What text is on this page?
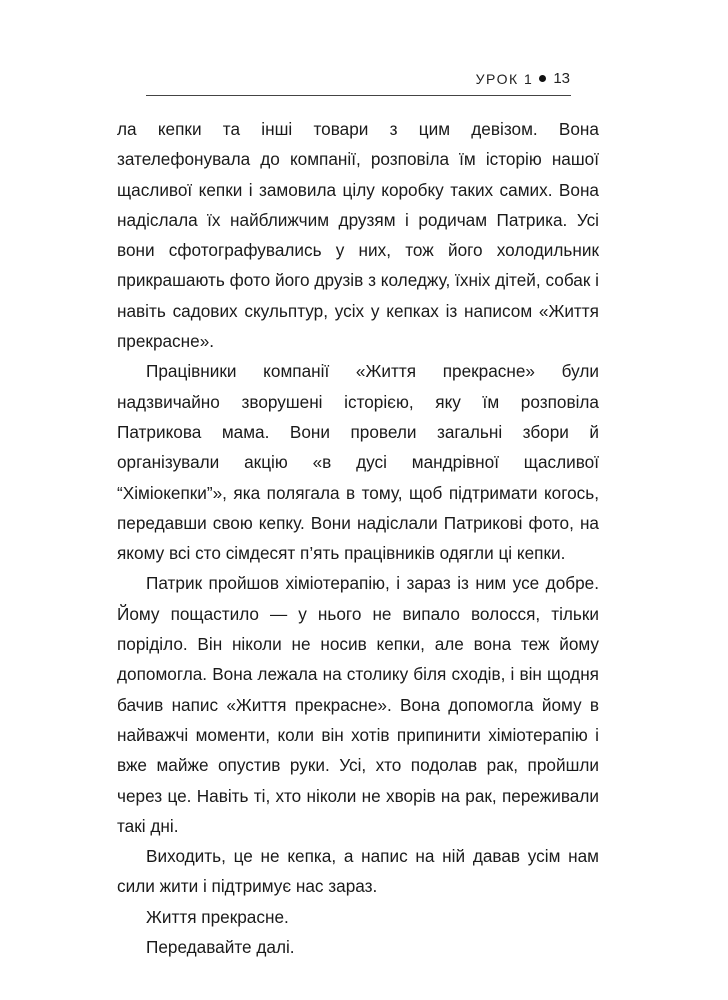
УРОК 1 13

ла кепки та інші товари з цим девізом. Вона зателефонувала до компанії, розповіла їм історію нашої щасливої кепки і замовила цілу коробку таких самих. Вона надіслала їх найближчим друзям і родичам Патрика. Усі вони сфотографувались у них, тож його холодильник прикрашають фото його друзів з коледжу, їхніх дітей, собак і навіть садових скульптур, усіх у кепках із написом «Життя прекрасне».

Працівники компанії «Життя прекрасне» були надзвичайно зворушені історією, яку їм розповіла Патрикова мама. Вони провели загальні збори й організували акцію «в дусі мандрівної щасливої “Хіміокепки”», яка полягала в тому, щоб підтримати когось, передавши свою кепку. Вони надіслали Патрикові фото, на якому всі сто сімдесят п’ять працівників одягли ці кепки.

Патрик пройшов хіміотерапію, і зараз із ним усе добре. Йому пощастило — у нього не випало волосся, тільки поріділо. Він ніколи не носив кепки, але вона теж йому допомогла. Вона лежала на столику біля сходів, і він щодня бачив напис «Життя прекрасне». Вона допомогла йому в найважчі моменти, коли він хотів припинити хіміотерапію і вже майже опустив руки. Усі, хто подолав рак, пройшли через це. Навіть ті, хто ніколи не хворів на рак, переживали такі дні.

Виходить, це не кепка, а напис на ній давав усім нам сили жити і підтримує нас зараз.

Життя прекрасне.

Передавайте далі.
